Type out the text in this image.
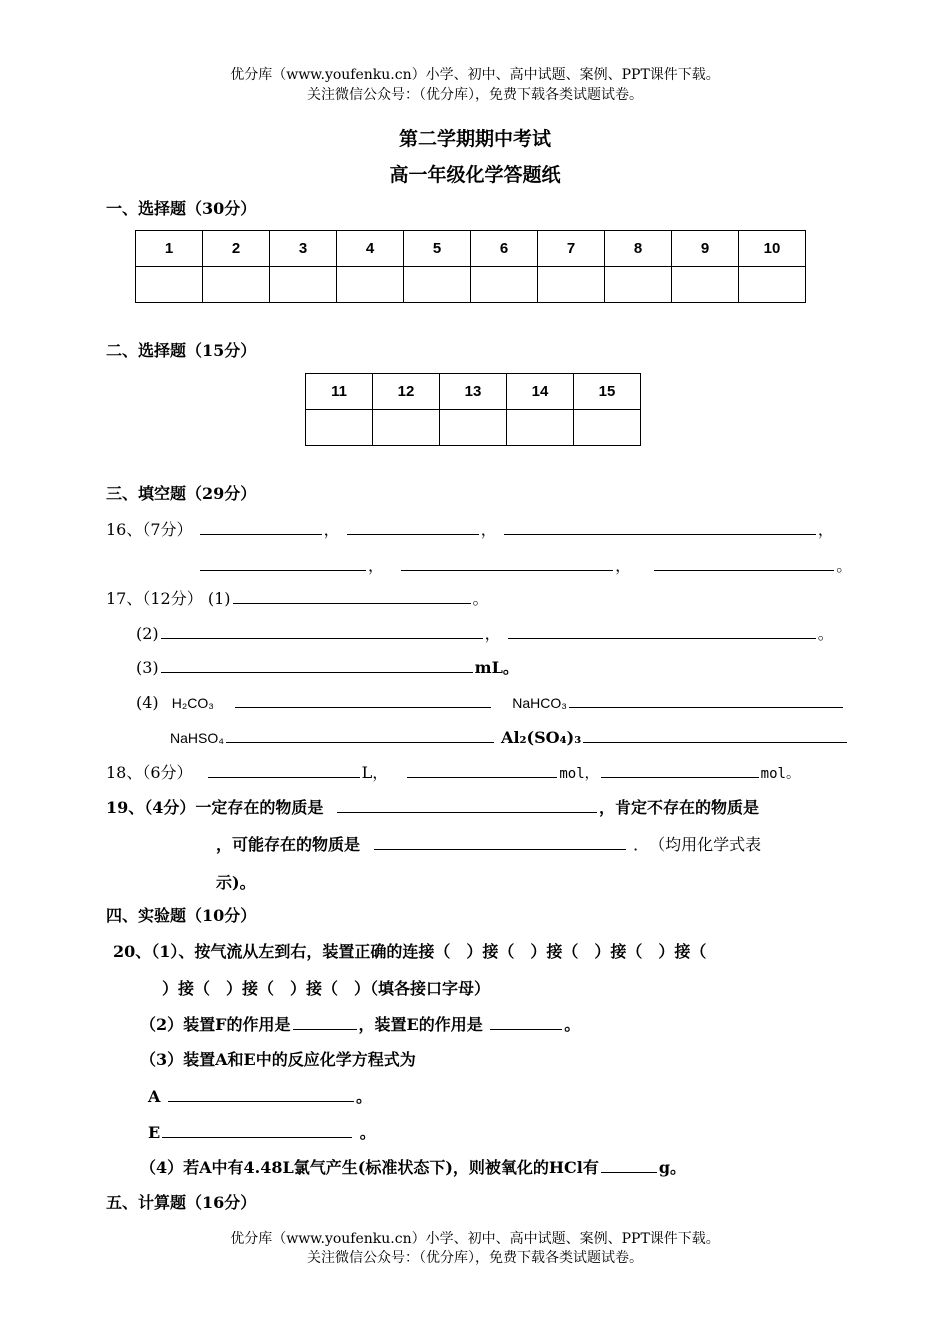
优分库（www.youfenku.cn）小学、初中、高中试题、案例、PPT课件下载。
关注微信公众号：（优分库），免费下载各类试题试卷。
第二学期期中考试
高一年级化学答题纸
一、选择题（30分）
1	2	3	4	5	6	7	8	9	10

二、选择题（15分）
11	12	13	14	15

三、填空题（29分）
16、（7分）	，	，	，
，	，	。
17、（12分） (1)	。
(2)	，	。
(3)	mL。
(4) H₂CO₃	NaHCO₃
NaHSO₄	Al₂(SO₄)₃
18、（6分）	L，	mol，	mol。
19、（4分）一定存在的物质是	，肯定不存在的物质是
，可能存在的物质是	．　（均用化学式表
示)。
四、实验题（10分）
20、（1）、按气流从左到右，装置正确的连接（　）接（　）接（　）接（　）接（
）接（　）接（　）接（　）（填各接口字母）
（2）装置F的作用是	，装置E的作用是	。
（3）装置A和E中的反应化学方程式为
A	。
E	。
（4）若A中有4.48L氯气产生(标准状态下)，则被氧化的HCl有	g。
五、计算题（16分）
优分库（www.youfenku.cn）小学、初中、高中试题、案例、PPT课件下载。
关注微信公众号：（优分库），免费下载各类试题试卷。
